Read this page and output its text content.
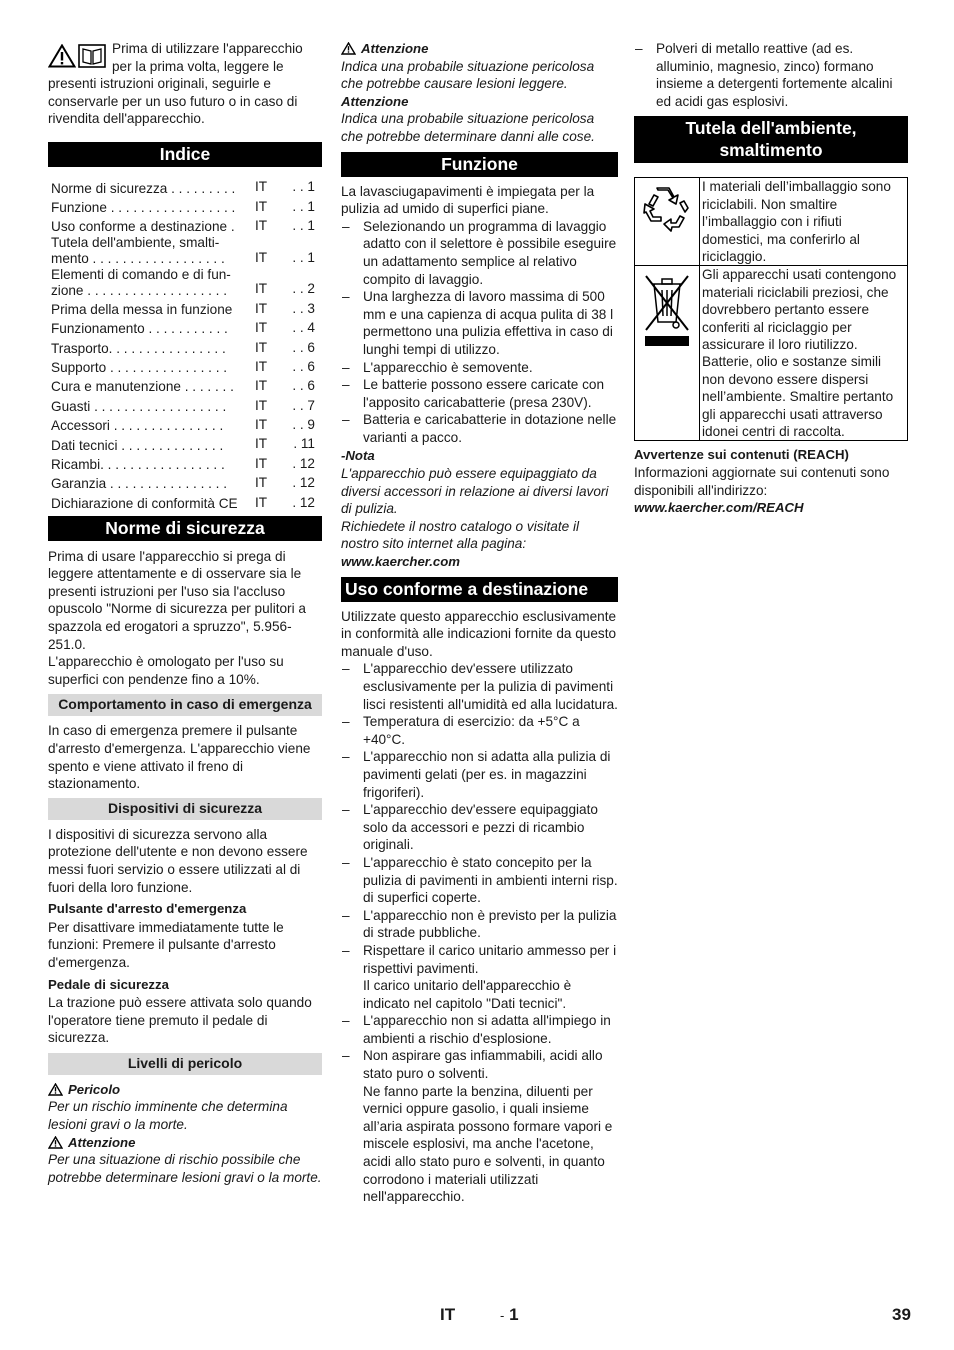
Prima di utilizzare l'apparecchio per la prima volta, leggere le presenti istruzioni originali, seguirle e conservarle per un uso futuro o in caso di rivendita dell'apparecchio.

Indice
Norme di sicurezza . . . . . . . . .	IT	. . 1
Funzione . . . . . . . . . . . . . . . . .	IT	. . 1
Uso conforme a destinazione .	IT	. . 1
Tutela dell'ambiente, smalti-
mento . . . . . . . . . . . . . . . . . .	IT	. . 1
Elementi di comando e di fun-
zione . . . . . . . . . . . . . . . . . . .	IT	. . 2
Prima della messa in funzione	IT	. . 3
Funzionamento . . . . . . . . . . .	IT	. . 4
Trasporto. . . . . . . . . . . . . . . .	IT	. . 6
Supporto . . . . . . . . . . . . . . . .	IT	. . 6
Cura e manutenzione . . . . . . .	IT	. . 6
Guasti . . . . . . . . . . . . . . . . . .	IT	. . 7
Accessori . . . . . . . . . . . . . . .	IT	. . 9
Dati tecnici . . . . . . . . . . . . . .	IT	. 11
Ricambi. . . . . . . . . . . . . . . . .	IT	. 12
Garanzia . . . . . . . . . . . . . . . .	IT	. 12
Dichiarazione di conformità CE	IT	. 12
Norme di sicurezza

Prima di usare l'apparecchio si prega di leggere attentamente e di osservare sia le presenti istruzioni per l'uso sia l'accluso opuscolo "Norme di sicurezza per pulitori a spazzola ed erogatori a spruzzo", 5.956-251.0.

L'apparecchio è omologato per l'uso su superfici con pendenze fino a 10%.

Comportamento in caso di emergenza

In caso di emergenza premere il pulsante d'arresto d'emergenza. L'apparecchio viene spento e viene attivato il freno di stazionamento.

Dispositivi di sicurezza

I dispositivi di sicurezza servono alla protezione dell'utente e non devono essere messi fuori servizio o essere utilizzati al di fuori della loro funzione.

Pulsante d'arresto d'emergenza

Per disattivare immediatamente tutte le funzioni: Premere il pulsante d'arresto d'emergenza.

Pedale di sicurezza

La trazione può essere attivata solo quando l'operatore tiene premuto il pedale di sicurezza.

Livelli di pericolo

Pericolo

Per un rischio imminente che determina lesioni gravi o la morte.

Attenzione

Per una situazione di rischio possibile che potrebbe determinare lesioni gravi o la morte.

Attenzione

Indica una probabile situazione pericolosa che potrebbe causare lesioni leggere.

Attenzione

Indica una probabile situazione pericolosa che potrebbe determinare danni alle cose.

Funzione

La lavasciugapavimenti è impiegata per la pulizia ad umido di superfici piane.

– Selezionando un programma di lavaggio adatto con il selettore è possibile eseguire un adattamento semplice al relativo compito di lavaggio.
– Una larghezza di lavoro massima di 500 mm e una capienza di acqua pulita di 38 l permettono una pulizia effettiva in caso di lunghi tempi di utilizzo.
– L'apparecchio è semovente.
– Le batterie possono essere caricate con l'apposito caricabatterie (presa 230V).
– Batteria e caricabatterie in dotazione nelle varianti a pacco.

-Nota

L'apparecchio può essere equipaggiato da diversi accessori in relazione ai diversi lavori di pulizia.

Richiedete il nostro catalogo o visitate il nostro sito internet alla pagina:

www.kaercher.com

Uso conforme a destinazione

Utilizzate questo apparecchio esclusivamente in conformità alle indicazioni fornite da questo manuale d'uso.

– L'apparecchio dev'essere utilizzato esclusivamente per la pulizia di pavimenti lisci resistenti all'umidità ed alla lucidatura.
– Temperatura di esercizio: da +5°C a +40°C.
– L'apparecchio non si adatta alla pulizia di pavimenti gelati (per es. in magazzini frigoriferi).
– L'apparecchio dev'essere equipaggiato solo da accessori e pezzi di ricambio originali.
– L'apparecchio è stato concepito per la pulizia di pavimenti in ambienti interni risp. di superfici coperte.
– L'apparecchio non è previsto per la pulizia di strade pubbliche.
– Rispettare il carico unitario ammesso per i rispettivi pavimenti.
Il carico unitario dell'apparecchio è indicato nel capitolo "Dati tecnici".
– L'apparecchio non si adatta all'impiego in ambienti a rischio d'esplosione.
– Non aspirare gas infiammabili, acidi allo stato puro o solventi.
Ne fanno parte la benzina, diluenti per vernici oppure gasolio, i quali insieme all’aria aspirata possono formare vapori e miscele esplosivi, ma anche l'acetone, acidi allo stato puro e solventi, in quanto corrodono i materiali utilizzati nell'apparecchio.
– Polveri di metallo reattive (ad es. alluminio, magnesio, zinco) formano insieme a detergenti fortemente alcalini ed acidi gas esplosivi.
Tutela dell'ambiente, smaltimento
	I materiali dell’imballaggio sono riciclabili. Non smaltire l’imballaggio con i rifiuti domestici, ma conferirlo al riciclaggio.
	Gli apparecchi usati contengono materiali riciclabili preziosi, che dovrebbero pertanto essere conferiti al riciclaggio per assicurare il loro riutilizzo.
Batterie, olio e sostanze simili non devono essere dispersi nell’ambiente. Smaltire pertanto gli apparecchi usati attraverso idonei centri di raccolta.

Avvertenze sui contenuti (REACH)

Informazioni aggiornate sui contenuti sono disponibili all'indirizzo:

www.kaercher.com/REACH

IT	- 1	39
